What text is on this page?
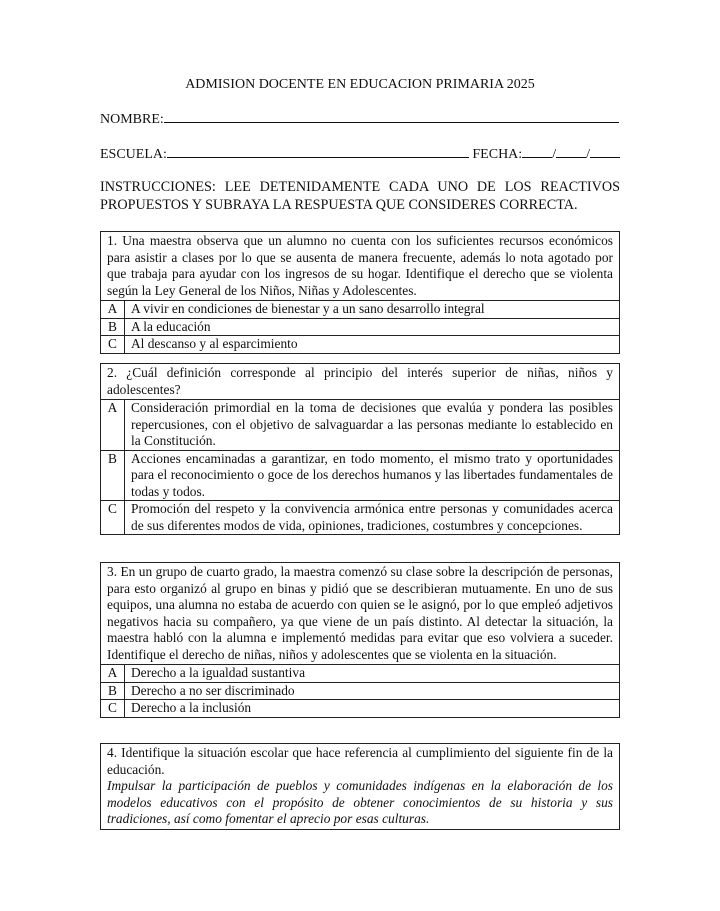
ADMISION DOCENTE EN EDUCACION PRIMARIA 2025
NOMBRE:
ESCUELA:	FECHA: / /
INSTRUCCIONES: LEE DETENIDAMENTE CADA UNO DE LOS REACTIVOS PROPUESTOS Y SUBRAYA LA RESPUESTA QUE CONSIDERES CORRECTA.
1. Una maestra observa que un alumno no cuenta con los suficientes recursos económicos para asistir a clases por lo que se ausenta de manera frecuente, además lo nota agotado por que trabaja para ayudar con los ingresos de su hogar. Identifique el derecho que se violenta según la Ley General de los Niños, Niñas y Adolescentes.
A	A vivir en condiciones de bienestar y a un sano desarrollo integral
B	A la educación
C	Al descanso y al esparcimiento
2. ¿Cuál definición corresponde al principio del interés superior de niñas, niños y adolescentes?
A	Consideración primordial en la toma de decisiones que evalúa y pondera las posibles repercusiones, con el objetivo de salvaguardar a las personas mediante lo establecido en la Constitución.
B	Acciones encaminadas a garantizar, en todo momento, el mismo trato y oportunidades para el reconocimiento o goce de los derechos humanos y las libertades fundamentales de todas y todos.
C	Promoción del respeto y la convivencia armónica entre personas y comunidades acerca de sus diferentes modos de vida, opiniones, tradiciones, costumbres y concepciones.
3. En un grupo de cuarto grado, la maestra comenzó su clase sobre la descripción de personas, para esto organizó al grupo en binas y pidió que se describieran mutuamente. En uno de sus equipos, una alumna no estaba de acuerdo con quien se le asignó, por lo que empleó adjetivos negativos hacia su compañero, ya que viene de un país distinto. Al detectar la situación, la maestra habló con la alumna e implementó medidas para evitar que eso volviera a suceder. Identifique el derecho de niñas, niños y adolescentes que se violenta en la situación.
A	Derecho a la igualdad sustantiva
B	Derecho a no ser discriminado
C	Derecho a la inclusión
4. Identifique la situación escolar que hace referencia al cumplimiento del siguiente fin de la educación.
Impulsar la participación de pueblos y comunidades indígenas en la elaboración de los modelos educativos con el propósito de obtener conocimientos de su historia y sus tradiciones, así como fomentar el aprecio por esas culturas.
